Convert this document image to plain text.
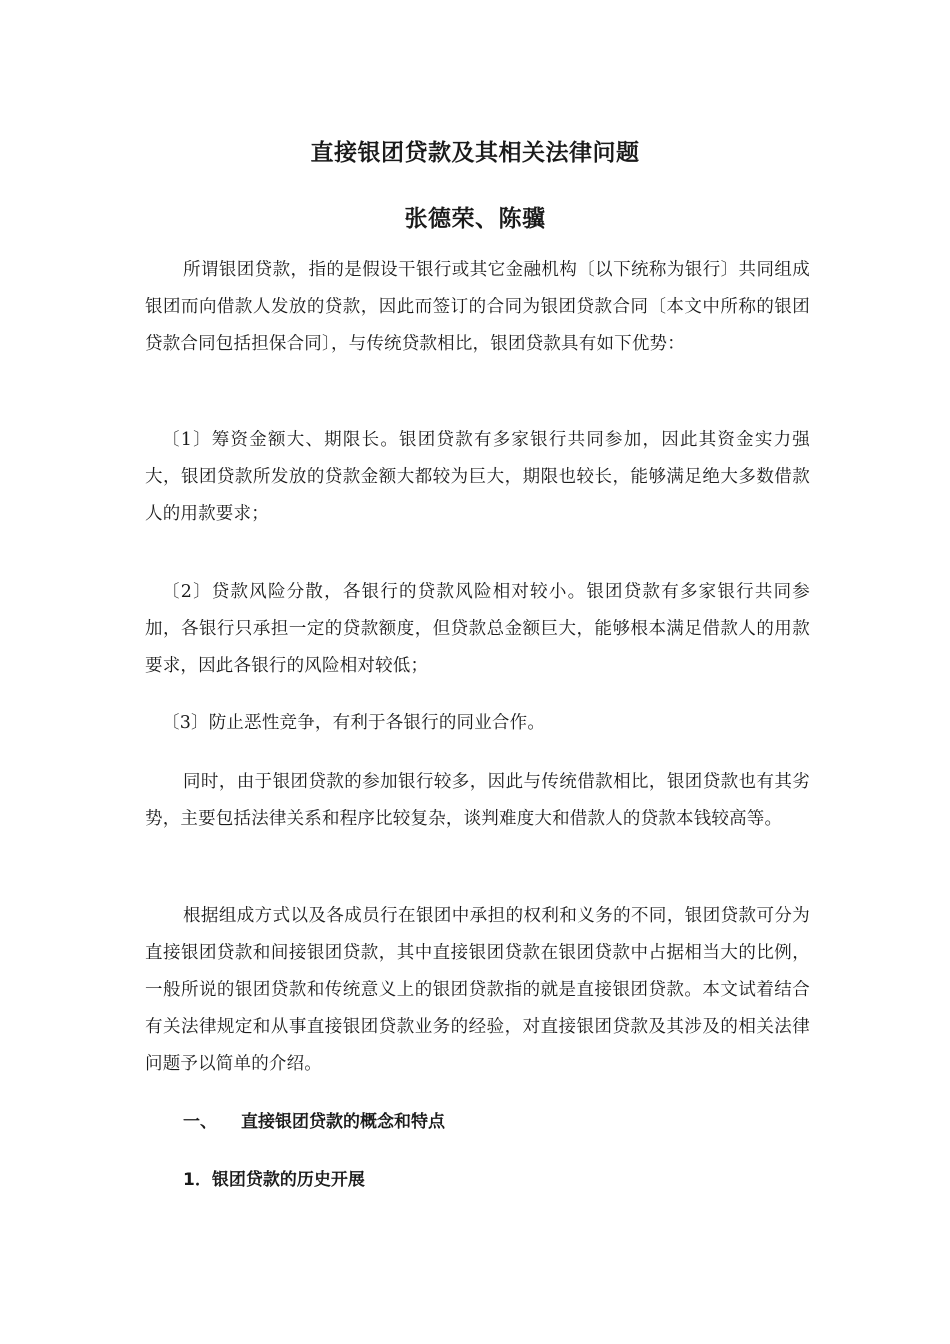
直接银团贷款及其相关法律问题
张德荣、陈骥

所谓银团贷款，指的是假设干银行或其它金融机构〔以下统称为银行〕共同组成银团而向借款人发放的贷款，因此而签订的合同为银团贷款合同〔本文中所称的银团贷款合同包括担保合同〕，与传统贷款相比，银团贷款具有如下优势：

〔1〕筹资金额大、期限长。银团贷款有多家银行共同参加，因此其资金实力强大，银团贷款所发放的贷款金额大都较为巨大，期限也较长，能够满足绝大多数借款人的用款要求；

〔2〕贷款风险分散，各银行的贷款风险相对较小。银团贷款有多家银行共同参加，各银行只承担一定的贷款额度，但贷款总金额巨大，能够根本满足借款人的用款要求，因此各银行的风险相对较低；

〔3〕防止恶性竞争，有利于各银行的同业合作。

同时，由于银团贷款的参加银行较多，因此与传统借款相比，银团贷款也有其劣势，主要包括法律关系和程序比较复杂，谈判难度大和借款人的贷款本钱较高等。

根据组成方式以及各成员行在银团中承担的权利和义务的不同，银团贷款可分为直接银团贷款和间接银团贷款，其中直接银团贷款在银团贷款中占据相当大的比例，一般所说的银团贷款和传统意义上的银团贷款指的就是直接银团贷款。本文试着结合有关法律规定和从事直接银团贷款业务的经验，对直接银团贷款及其涉及的相关法律问题予以简单的介绍。

一、 直接银团贷款的概念和特点
1．银团贷款的历史开展
